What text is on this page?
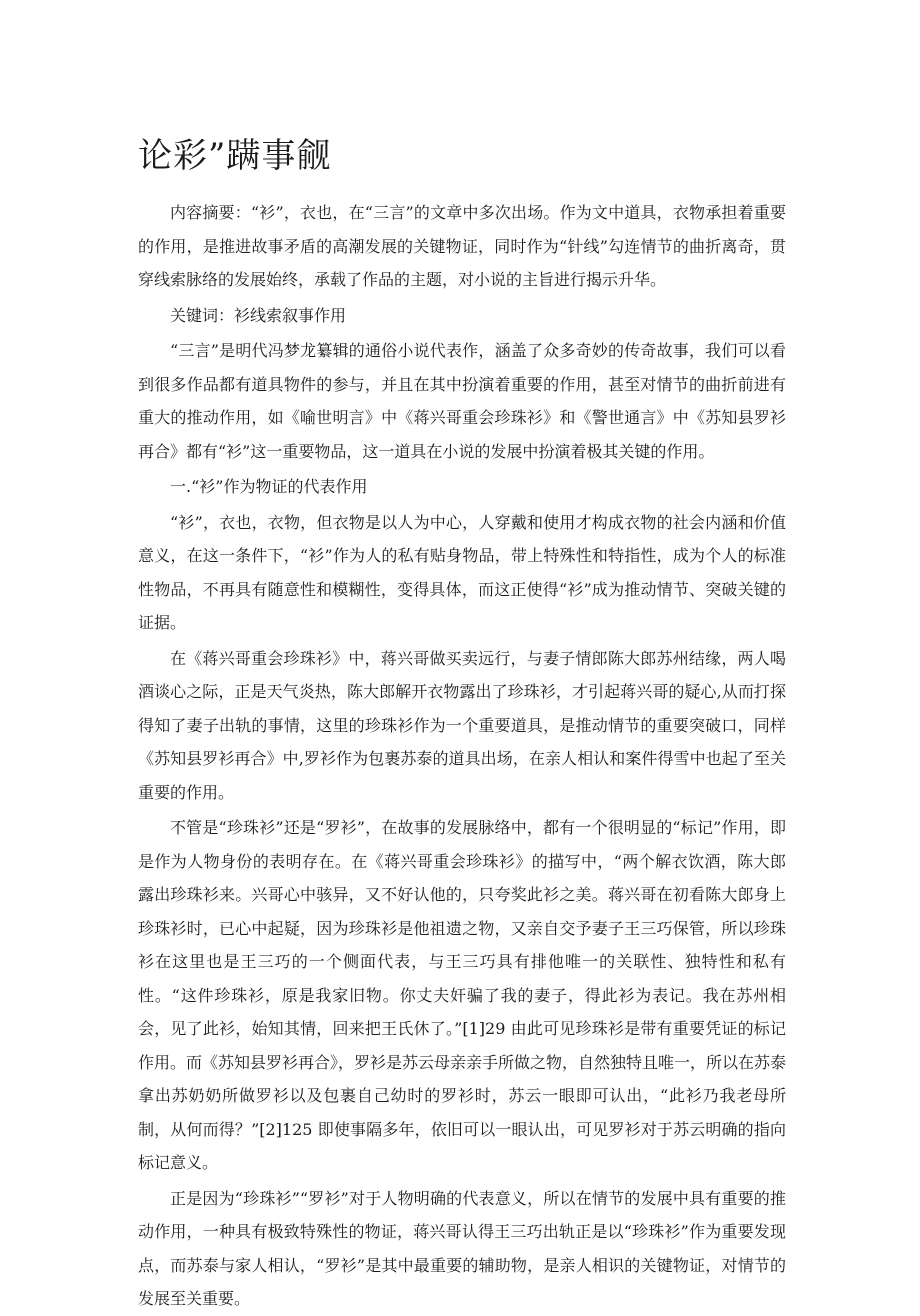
论彩”蹒事觎

内容摘要：“衫”，衣也，在“三言”的文章中多次出场。作为文中道具，衣物承担着重要的作用，是推进故事矛盾的高潮发展的关键物证，同时作为“针线”勾连情节的曲折离奇，贯穿线索脉络的发展始终，承载了作品的主题，对小说的主旨进行揭示升华。

关键词：衫线索叙事作用

“三言”是明代冯梦龙纂辑的通俗小说代表作，涵盖了众多奇妙的传奇故事，我们可以看到很多作品都有道具物件的参与，并且在其中扮演着重要的作用，甚至对情节的曲折前进有重大的推动作用，如《喻世明言》中《蒋兴哥重会珍珠衫》和《警世通言》中《苏知县罗衫再合》都有“衫”这一重要物品，这一道具在小说的发展中扮演着极其关键的作用。

一.“衫”作为物证的代表作用

“衫”，衣也，衣物，但衣物是以人为中心，人穿戴和使用才构成衣物的社会内涵和价值意义，在这一条件下，“衫”作为人的私有贴身物品，带上特殊性和特指性，成为个人的标准性物品，不再具有随意性和模糊性，变得具体，而这正使得“衫”成为推动情节、突破关键的证据。

在《蒋兴哥重会珍珠衫》中，蒋兴哥做买卖远行，与妻子情郎陈大郎苏州结缘，两人喝酒谈心之际，正是天气炎热，陈大郎解开衣物露出了珍珠衫，才引起蒋兴哥的疑心,从而打探得知了妻子出轨的事情，这里的珍珠衫作为一个重要道具，是推动情节的重要突破口，同样《苏知县罗衫再合》中,罗衫作为包裹苏泰的道具出场，在亲人相认和案件得雪中也起了至关重要的作用。

不管是“珍珠衫”还是“罗衫”，在故事的发展脉络中，都有一个很明显的“标记”作用，即是作为人物身份的表明存在。在《蒋兴哥重会珍珠衫》的描写中，“两个解衣饮酒，陈大郎露出珍珠衫来。兴哥心中骇异，又不好认他的，只夸奖此衫之美。蒋兴哥在初看陈大郎身上珍珠衫时，已心中起疑，因为珍珠衫是他祖遗之物，又亲自交予妻子王三巧保管，所以珍珠衫在这里也是王三巧的一个侧面代表，与王三巧具有排他唯一的关联性、独特性和私有性。“这件珍珠衫，原是我家旧物。你丈夫奸骗了我的妻子，得此衫为表记。我在苏州相会，见了此衫，始知其情，回来把王氏休了。”[1]29 由此可见珍珠衫是带有重要凭证的标记作用。而《苏知县罗衫再合》，罗衫是苏云母亲亲手所做之物，自然独特且唯一，所以在苏泰拿出苏奶奶所做罗衫以及包裹自己幼时的罗衫时，苏云一眼即可认出，“此衫乃我老母所制，从何而得？”[2]125 即使事隔多年，依旧可以一眼认出，可见罗衫对于苏云明确的指向标记意义。

正是因为“珍珠衫”“罗衫”对于人物明确的代表意义，所以在情节的发展中具有重要的推动作用，一种具有极致特殊性的物证，蒋兴哥认得王三巧出轨正是以“珍珠衫”作为重要发现点，而苏泰与家人相认，“罗衫”是其中最重要的辅助物，是亲人相识的关键物证，对情节的发展至关重要。
